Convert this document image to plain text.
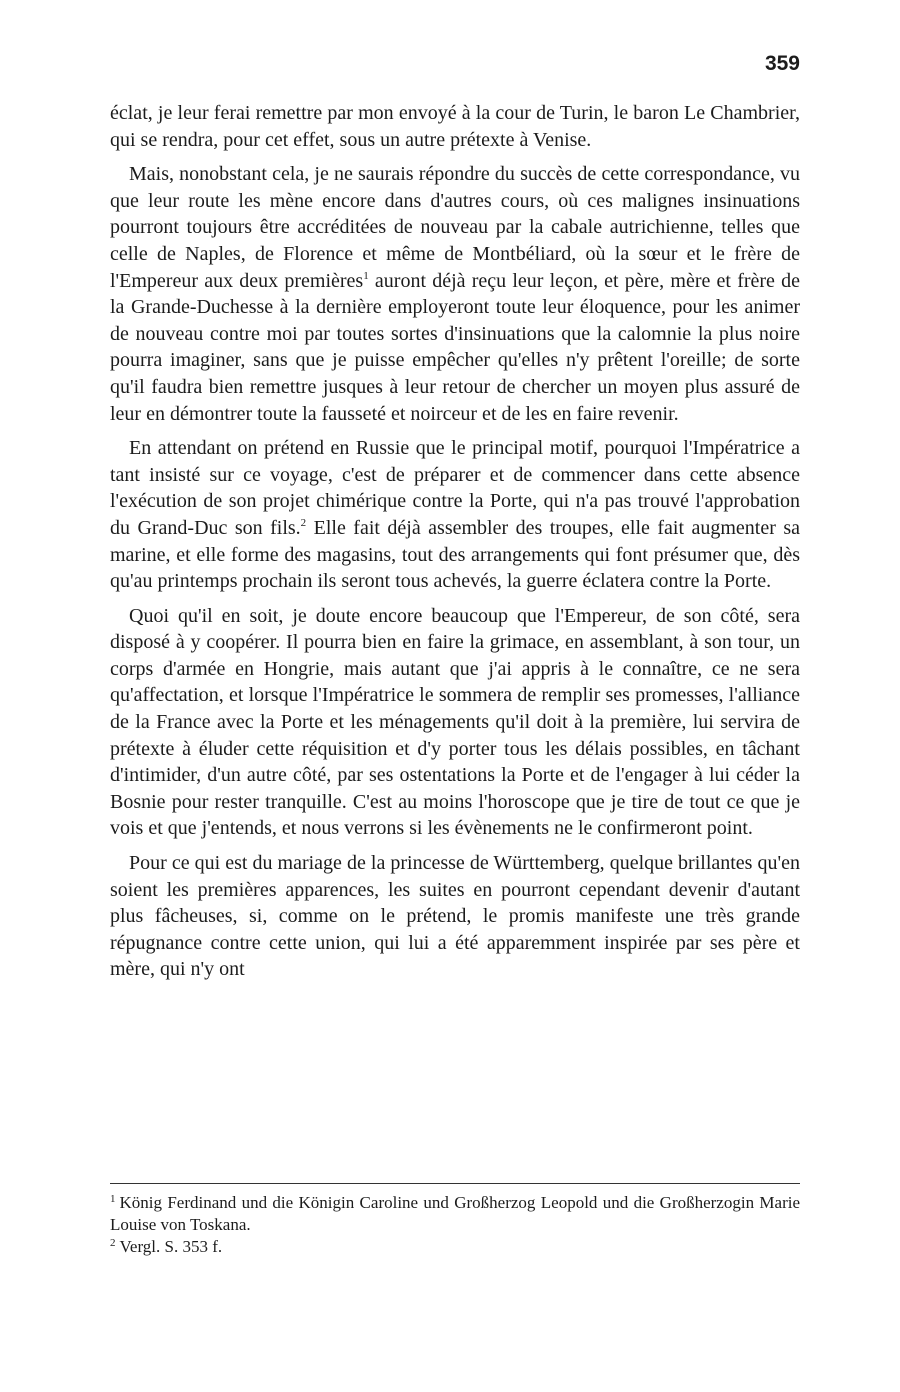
359

éclat, je leur ferai remettre par mon envoyé à la cour de Turin, le baron Le Chambrier, qui se rendra, pour cet effet, sous un autre prétexte à Venise.

Mais, nonobstant cela, je ne saurais répondre du succès de cette correspondance, vu que leur route les mène encore dans d'autres cours, où ces malignes insinuations pourront toujours être accréditées de nouveau par la cabale autrichienne, telles que celle de Naples, de Florence et même de Montbéliard, où la sœur et le frère de l'Empereur aux deux premières$^1$ auront déjà reçu leur leçon, et père, mère et frère de la Grande-Duchesse à la dernière employeront toute leur éloquence, pour les animer de nouveau contre moi par toutes sortes d'insinuations que la calomnie la plus noire pourra imaginer, sans que je puisse empêcher qu'elles n'y prêtent l'oreille; de sorte qu'il faudra bien remettre jusques à leur retour de chercher un moyen plus assuré de leur en démontrer toute la fausseté et noirceur et de les en faire revenir.

En attendant on prétend en Russie que le principal motif, pourquoi l'Impératrice a tant insisté sur ce voyage, c'est de préparer et de commencer dans cette absence l'exécution de son projet chimérique contre la Porte, qui n'a pas trouvé l'approbation du Grand-Duc son fils.$^2$ Elle fait déjà assembler des troupes, elle fait augmenter sa marine, et elle forme des magasins, tout des arrangements qui font présumer que, dès qu'au printemps prochain ils seront tous achevés, la guerre éclatera contre la Porte.

Quoi qu'il en soit, je doute encore beaucoup que l'Empereur, de son côté, sera disposé à y coopérer. Il pourra bien en faire la grimace, en assemblant, à son tour, un corps d'armée en Hongrie, mais autant que j'ai appris à le connaître, ce ne sera qu'affectation, et lorsque l'Impératrice le sommera de remplir ses promesses, l'alliance de la France avec la Porte et les ménagements qu'il doit à la première, lui servira de prétexte à éluder cette réquisition et d'y porter tous les délais possibles, en tâchant d'intimider, d'un autre côté, par ses ostentations la Porte et de l'engager à lui céder la Bosnie pour rester tranquille. C'est au moins l'horoscope que je tire de tout ce que je vois et que j'entends, et nous verrons si les évènements ne le confirmeront point.

Pour ce qui est du mariage de la princesse de Württemberg, quelque brillantes qu'en soient les premières apparences, les suites en pourront cependant devenir d'autant plus fâcheuses, si, comme on le prétend, le promis manifeste une très grande répugnance contre cette union, qui lui a été apparemment inspirée par ses père et mère, qui n'y ont

$^1$ König Ferdinand und die Königin Caroline und Großherzog Leopold und die Großherzogin Marie Louise von Toskana.

$^2$ Vergl. S. 353 f.
